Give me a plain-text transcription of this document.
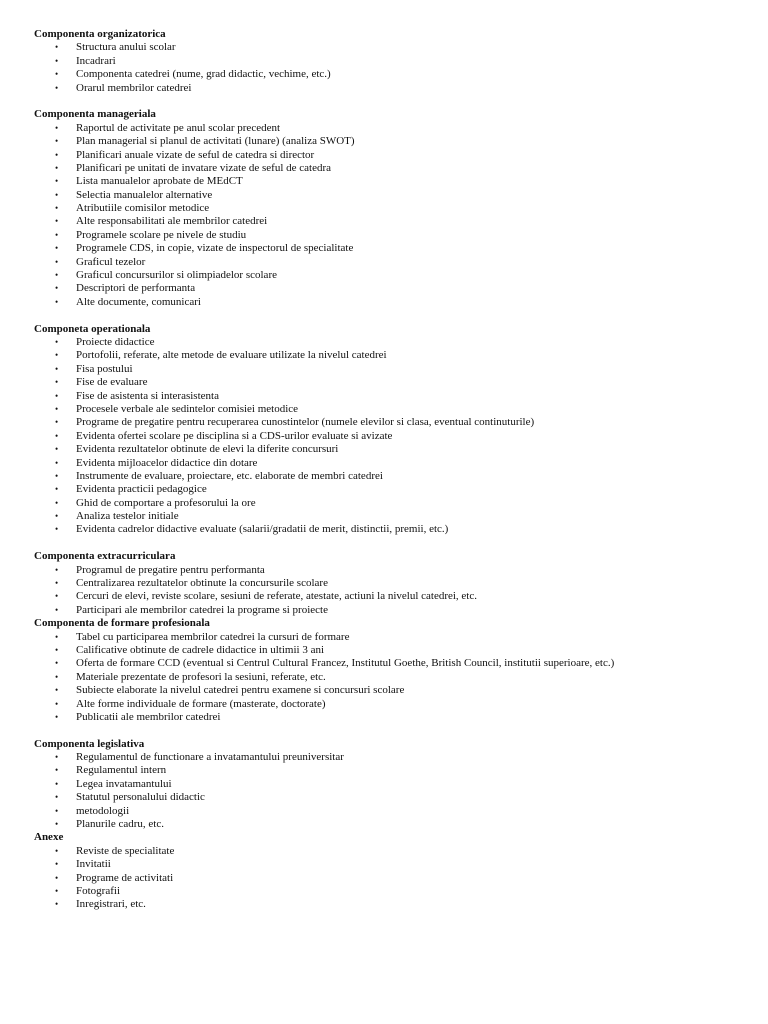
Componenta organizatorica
• Structura anului scolar
• Incadrari
• Componenta catedrei (nume, grad didactic, vechime, etc.)
• Orarul membrilor catedrei
Componenta manageriala
• Raportul de activitate pe anul scolar precedent
• Plan managerial si planul de activitati (lunare) (analiza SWOT)
• Planificari anuale vizate de seful de catedra si director
• Planificari pe unitati de invatare vizate de seful de catedra
• Lista manualelor aprobate de MEdCT
• Selectia manualelor alternative
• Atributiile comisilor metodice
• Alte responsabilitati ale membrilor catedrei
• Programele scolare pe nivele de studiu
• Programele CDS, in copie, vizate de inspectorul de specialitate
• Graficul tezelor
• Graficul concursurilor si olimpiadelor scolare
• Descriptori de performanta
• Alte documente, comunicari
Componeta operationala
• Proiecte didactice
• Portofolii, referate, alte metode de evaluare utilizate la nivelul catedrei
• Fisa postului
• Fise de evaluare
• Fise de asistenta si interasistenta
• Procesele verbale ale sedintelor comisiei metodice
• Programe de pregatire pentru recuperarea cunostintelor (numele elevilor si clasa, eventual continuturile)
• Evidenta ofertei scolare pe disciplina si a CDS-urilor evaluate si avizate
• Evidenta rezultatelor obtinute de elevi la diferite concursuri
• Evidenta mijloacelor didactice din dotare
• Instrumente de evaluare, proiectare, etc. elaborate de membri catedrei
• Evidenta practicii pedagogice
• Ghid de comportare a profesorului la ore
• Analiza testelor initiale
• Evidenta cadrelor didactive evaluate (salarii/gradatii de merit, distinctii, premii, etc.)
Componenta extracurriculara
• Programul de pregatire pentru performanta
• Centralizarea rezultatelor obtinute la concursurile scolare
• Cercuri de elevi, reviste scolare, sesiuni de referate, atestate, actiuni la nivelul catedrei, etc.
• Participari ale membrilor catedrei la programe si proiecte
Componenta de formare profesionala
• Tabel cu participarea membrilor catedrei la cursuri de formare
• Calificative obtinute de cadrele didactice in ultimii 3 ani
• Oferta de formare CCD (eventual si Centrul Cultural Francez, Institutul Goethe, British Council, institutii superioare, etc.)
• Materiale prezentate de profesori la sesiuni, referate, etc.
• Subiecte elaborate la nivelul catedrei pentru examene si concursuri scolare
• Alte forme individuale de formare (masterate, doctorate)
• Publicatii ale membrilor catedrei
Componenta legislativa
• Regulamentul de functionare a invatamantului preuniversitar
• Regulamentul intern
• Legea invatamantului
• Statutul personalului didactic
• metodologii
• Planurile cadru, etc.
Anexe
• Reviste de specialitate
• Invitatii
• Programe de activitati
• Fotografii
• Inregistrari, etc.
